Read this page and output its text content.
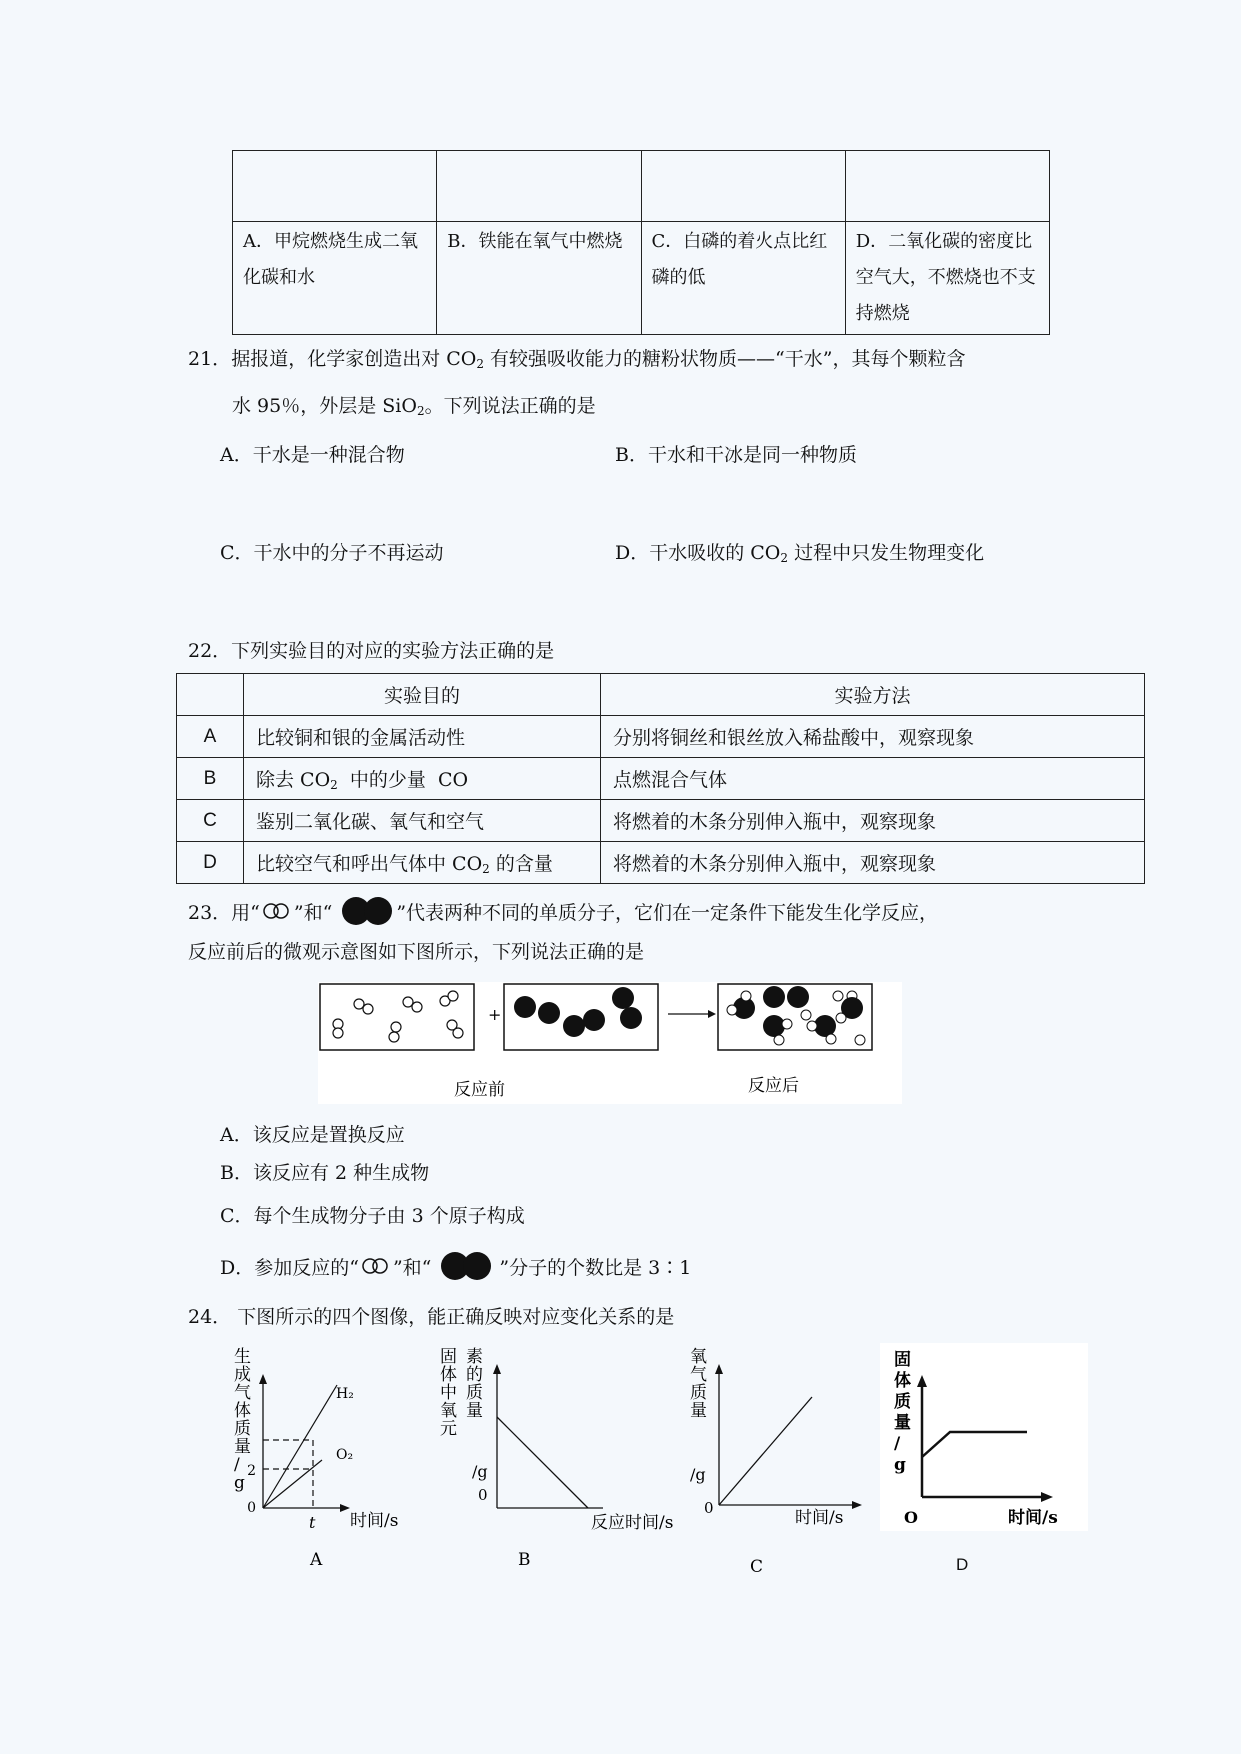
A．甲烷燃烧生成二氧化碳和水	B．铁能在氧气中燃烧	C．白磷的着火点比红磷的低	D．二氧化碳的密度比空气大，不燃烧也不支持燃烧
21．据报道，化学家创造出对 $CO_2$ 有较强吸收能力的糖粉状物质——“干水”，其每个颗粒含
水 95％，外层是 SiO$_2$。下列说法正确的是
A．干水是一种混合物	B．干水和干冰是同一种物质
C．干水中的分子不再运动	D．干水吸收的 $CO_2$ 过程中只发生物理变化
22．下列实验目的对应的实验方法正确的是
	实验目的	实验方法
A	比较铜和银的金属活动性	分别将铜丝和银丝放入稀盐酸中，观察现象
B	除去 $CO_2$  中的少量  CO	点燃混合气体
C	鉴别二氧化碳、氧气和空气	将燃着的木条分别伸入瓶中，观察现象
D	比较空气和呼出气体中 $CO_2$ 的含量	将燃着的木条分别伸入瓶中，观察现象
23．用“ ”和“	”代表两种不同的单质分子，它们在一定条件下能发生化学反应，
反应前后的微观示意图如下图所示，下列说法正确的是
+
反应前	反应后
A．该反应是置换反应
B．该反应有 2 种生成物
C．每个生成物分子由 3 个原子构成
D．参加反应的“ ”和“	”分子的个数比是 3∶1
24． 下图所示的四个图像，能正确反映对应变化关系的是
生成气体质量/ g
H₂
O₂
2
t
0
时间/s
A
固体中氧元
素的质量
/g
0
反应时间/s
B
氧气质量
/g
0	时间/s
C
固体质量/ g
O	时间/s
D
